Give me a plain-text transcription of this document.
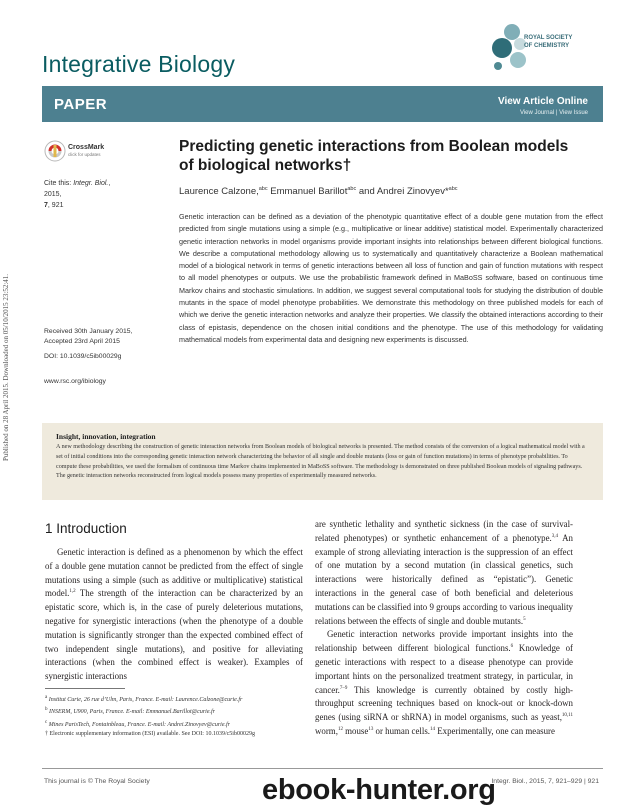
Published on 28 April 2015. Downloaded on 05/10/2015 23:52:41.
Integrative Biology
ROYAL SOCIETY
OF CHEMISTRY
PAPER	View Article Online
View Journal | View Issue
CrossMark
click for updates
Cite this: Integr. Biol., 2015,
7, 921
Predicting genetic interactions from Boolean models of biological networks†
Laurence Calzone,$^{abc}$ Emmanuel Barillot$^{abc}$ and Andrei Zinovyev*$^{abc}$
Genetic interaction can be defined as a deviation of the phenotypic quantitative effect of a double gene mutation from the effect predicted from single mutations using a simple (e.g., multiplicative or linear additive) statistical model. Experimentally characterized genetic interaction networks in model organisms provide important insights into relationships between different biological functions. We describe a computational methodology allowing us to systematically and quantitatively characterize a Boolean mathematical model of a biological network in terms of genetic interactions between all loss of function and gain of function mutations with respect to all model phenotypes or outputs. We use the probabilistic framework defined in MaBoSS software, based on continuous time Markov chains and stochastic simulations. In addition, we suggest several computational tools for studying the distribution of double mutants in the space of model phenotype probabilities. We demonstrate this methodology on three published models for each of which we derive the genetic interaction networks and analyze their properties. We classify the obtained interactions according to their class of epistasis, dependence on the chosen initial conditions and the phenotype. The use of this methodology for validating mathematical models from experimental data and designing new experiments is discussed.
Received 30th January 2015,
Accepted 23rd April 2015
DOI: 10.1039/c5ib00029g
www.rsc.org/ibiology
Insight, innovation, integration
A new methodology describing the construction of genetic interaction networks from Boolean models of biological networks is presented. The method consists of the conversion of a logical mathematical model with a set of initial conditions into the corresponding genetic interaction network characterizing the behavior of all single and double mutants (loss or gain of function mutations) in terms of phenotype probabilities. To compute these probabilities, we used the formalism of continuous time Markov chains implemented in MaBoSS software. The methodology is demonstrated on three published Boolean models of signaling pathways. The genetic interaction networks reconstructed from logical models possess many properties of experimentally measured networks.
1 Introduction
Genetic interaction is defined as a phenomenon by which the effect of a double gene mutation cannot be predicted from the effect of single mutations using a simple (such as additive or multiplicative) statistical model.$^{1,2}$ The strength of the interaction can be characterized by an epistatic score, which is, in the case of purely deleterious mutations, negative for synergistic interactions (when the phenotype of a double mutation is significantly stronger than the expected combined effect of two independent single mutations), and positive for alleviating interactions (when the combined effect is weaker). Examples of synergistic interactions
are synthetic lethality and synthetic sickness (in the case of survival-related phenotypes) or synthetic enhancement of a phenotype.$^{3,4}$ An example of strong alleviating interaction is the suppression of an effect of one mutation by a second mutation (in classical genetics, such interactions were historically defined as “epistatic”). Genetic interactions in the general case of both beneficial and deleterious mutations can be classified into 9 groups according to various inequality relations between the effects of single and double mutants.$^5$
Genetic interaction networks provide important insights into the relationship between different biological functions.$^6$ Knowledge of genetic interactions with respect to a disease phenotype can provide important hints on the personalized treatment strategy, in particular, in cancer.$^{7-9}$ This knowledge is currently obtained by costly high-throughput screening techniques based on knock-out or knock-down genes (using siRNA or shRNA) in model organisms, such as yeast,$^{10,11}$ worm,$^{12}$ mouse$^{13}$ or human cells.$^{14}$ Experimentally, one can measure
$^a$ Institut Curie, 26 rue d’Ulm, Paris, France. E-mail: Laurence.Calzone@curie.fr
$^b$ INSERM, U900, Paris, France. E-mail: Emmanuel.Barillot@curie.fr
$^c$ Mines ParisTech, Fontainbleau, France. E-mail: Andrei.Zinovyev@curie.fr
† Electronic supplementary information (ESI) available. See DOI: 10.1039/c5ib00029g
This journal is © The Royal Society	Integr. Biol., 2015, 7, 921–929 | 921
ebook-hunter.org
